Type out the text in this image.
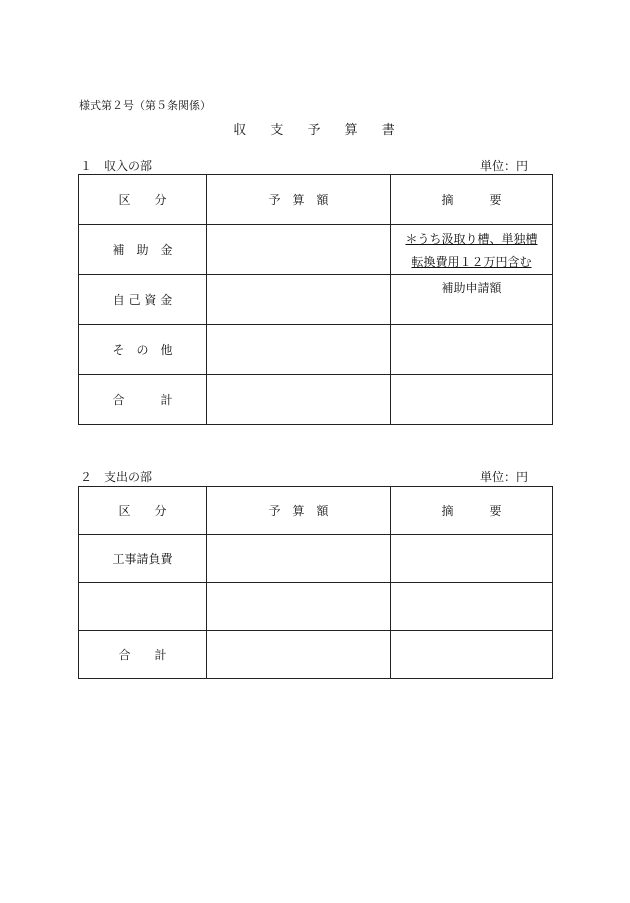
様式第２号（第５条関係）
収 支 予 算 書
１　収入の部	単位：円
区　　分	予　算　額	摘　　　要
補　助　金		＊うち汲取り槽、単独槽
転換費用１２万円含む

自 己 資 金		補助申請額
そ　の　他		
合　　　計		
２　支出の部	単位：円
区　　分	予　算　額	摘　　　要
工事請負費		

合　　計		
